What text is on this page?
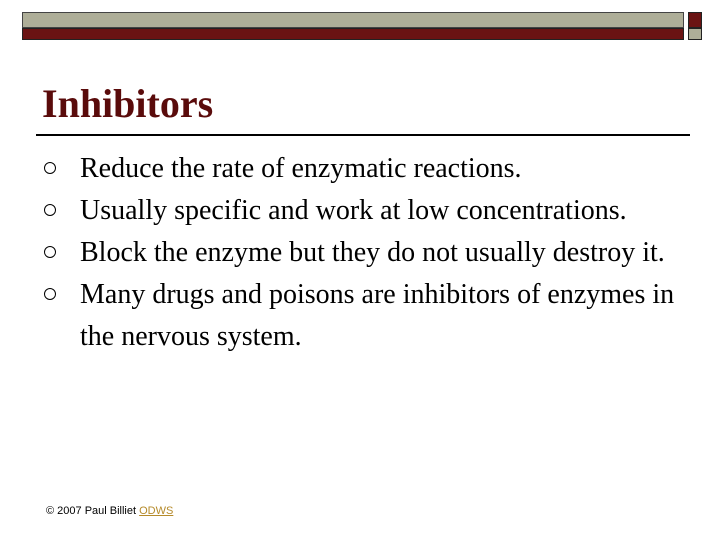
Inhibitors
Reduce the rate of enzymatic reactions.
Usually specific and work at low concentrations.
Block the enzyme but they do not usually destroy it.
Many drugs and poisons are inhibitors of enzymes in the nervous system.
© 2007 Paul Billiet ODWS
